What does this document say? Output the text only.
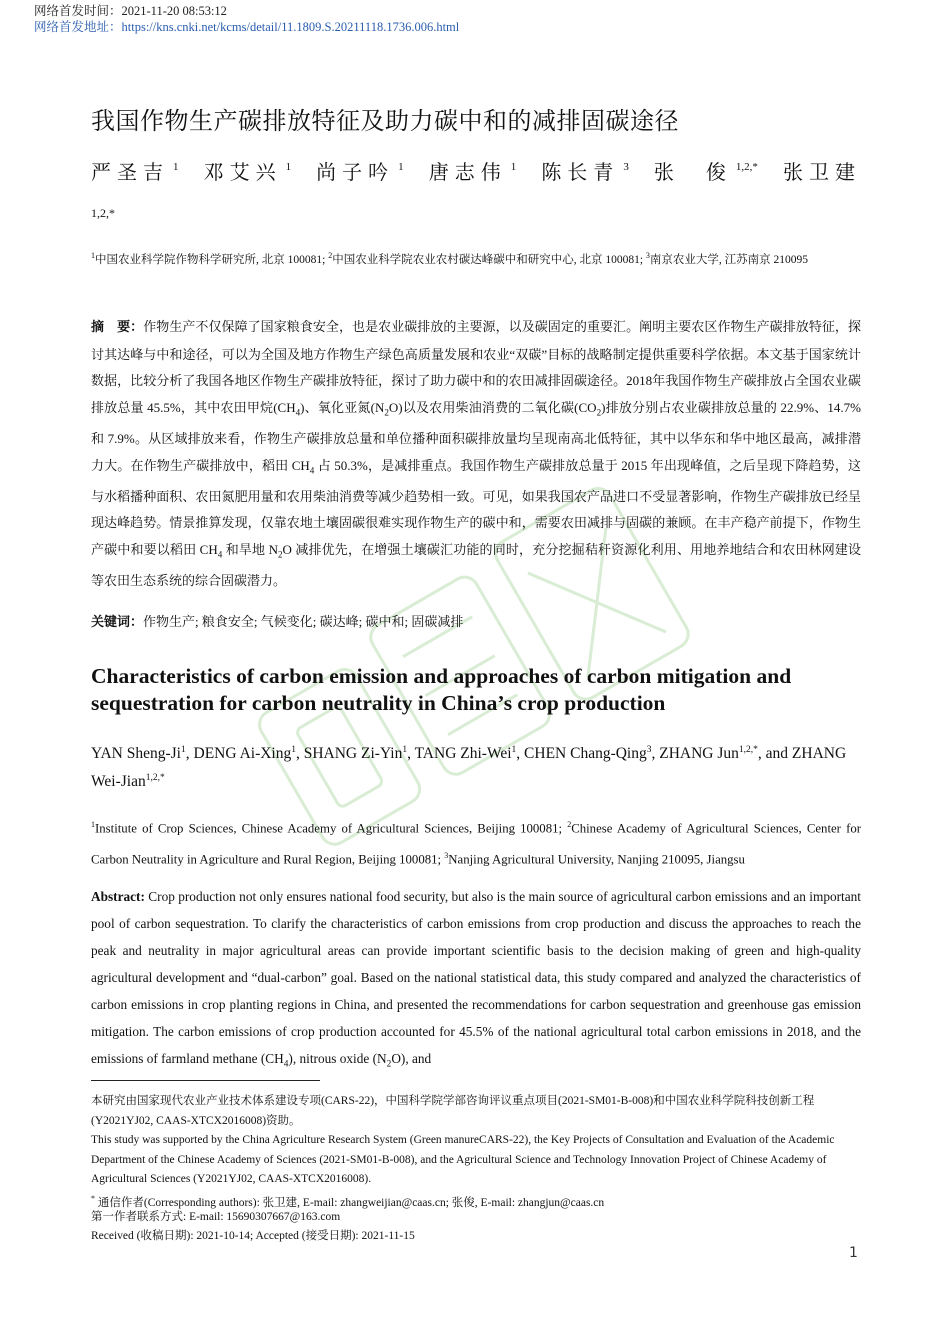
网络首发时间：2021-11-20 08:53:12
网络首发地址：https://kns.cnki.net/kcms/detail/11.1809.S.20211118.1736.006.html
我国作物生产碳排放特征及助力碳中和的减排固碳途径
严圣吉 $^1$ 邓艾兴 $^1$ 尚子吟 $^1$ 唐志伟 $^1$ 陈长青 $^3$ 张　俊 $^{1,2,*}$ 张卫建
1,2,*
$^1$中国农业科学院作物科学研究所, 北京 100081; $^2$中国农业科学院农业农村碳达峰碳中和研究中心, 北京 100081; $^3$南京农业大学, 江苏南京 210095
摘　要：作物生产不仅保障了国家粮食安全，也是农业碳排放的主要源，以及碳固定的重要汇。阐明主要农区作物生产碳排放特征，探讨其达峰与中和途径，可以为全国及地方作物生产绿色高质量发展和农业“双碳”目标的战略制定提供重要科学依据。本文基于国家统计数据，比较分析了我国各地区作物生产碳排放特征，探讨了助力碳中和的农田减排固碳途径。2018年我国作物生产碳排放占全国农业碳排放总量 45.5%，其中农田甲烷$(CH_4)$、氧化亚氮$(N_2O)$以及农用柴油消费的二氧化碳$(CO_2)$排放分别占农业碳排放总量的 22.9%、14.7%和 7.9%。从区域排放来看，作物生产碳排放总量和单位播种面积碳排放量均呈现南高北低特征，其中以华东和华中地区最高，减排潜力大。在作物生产碳排放中，稻田 $CH_4$ 占 50.3%，是减排重点。我国作物生产碳排放总量于 2015 年出现峰值，之后呈现下降趋势，这与水稻播种面积、农田氮肥用量和农用柴油消费等减少趋势相一致。可见，如果我国农产品进口不受显著影响，作物生产碳排放已经呈现达峰趋势。情景推算发现，仅靠农地土壤固碳很难实现作物生产的碳中和，需要农田减排与固碳的兼顾。在丰产稳产前提下，作物生产碳中和要以稻田 $CH_4$ 和旱地 $N_2O$ 减排优先，在增强土壤碳汇功能的同时，充分挖掘秸秆资源化利用、用地养地结合和农田林网建设等农田生态系统的综合固碳潜力。
关键词：作物生产; 粮食安全; 气候变化; 碳达峰; 碳中和; 固碳减排
Characteristics of carbon emission and approaches of carbon mitigation and sequestration for carbon neutrality in China’s crop production
YAN Sheng-Ji$^1$, DENG Ai-Xing$^1$, SHANG Zi-Yin$^1$, TANG Zhi-Wei$^1$, CHEN Chang-Qing$^3$, ZHANG Jun$^{1,2,*}$, and ZHANG Wei-Jian$^{1,2,*}$
$^1$Institute of Crop Sciences, Chinese Academy of Agricultural Sciences, Beijing 100081; $^2$Chinese Academy of Agricultural Sciences, Center for Carbon Neutrality in Agriculture and Rural Region, Beijing 100081; $^3$Nanjing Agricultural University, Nanjing 210095, Jiangsu
Abstract: Crop production not only ensures national food security, but also is the main source of agricultural carbon emissions and an important pool of carbon sequestration. To clarify the characteristics of carbon emissions from crop production and discuss the approaches to reach the peak and neutrality in major agricultural areas can provide important scientific basis to the decision making of green and high-quality agricultural development and “dual-carbon” goal. Based on the national statistical data, this study compared and analyzed the characteristics of carbon emissions in crop planting regions in China, and presented the recommendations for carbon sequestration and greenhouse gas emission mitigation. The carbon emissions of crop production accounted for 45.5% of the national agricultural total carbon emissions in 2018, and the emissions of farmland methane $(CH_4)$, nitrous oxide $(N_2O)$, and
本研究由国家现代农业产业技术体系建设专项(CARS-22)，中国科学院学部咨询评议重点项目(2021-SM01-B-008)和中国农业科学院科技创新工程(Y2021YJ02, CAAS-XTCX2016008)资助。
This study was supported by the China Agriculture Research System (Green manureCARS-22), the Key Projects of Consultation and Evaluation of the Academic Department of the Chinese Academy of Sciences (2021-SM01-B-008), and the Agricultural Science and Technology Innovation Project of Chinese Academy of Agricultural Sciences (Y2021YJ02, CAAS-XTCX2016008).
* 通信作者(Corresponding authors): 张卫建, E-mail: zhangweijian@caas.cn; 张俊, E-mail: zhangjun@caas.cn
第一作者联系方式: E-mail: 15690307667@163.com
Received (收稿日期): 2021-10-14; Accepted (接受日期): 2021-11-15
1
